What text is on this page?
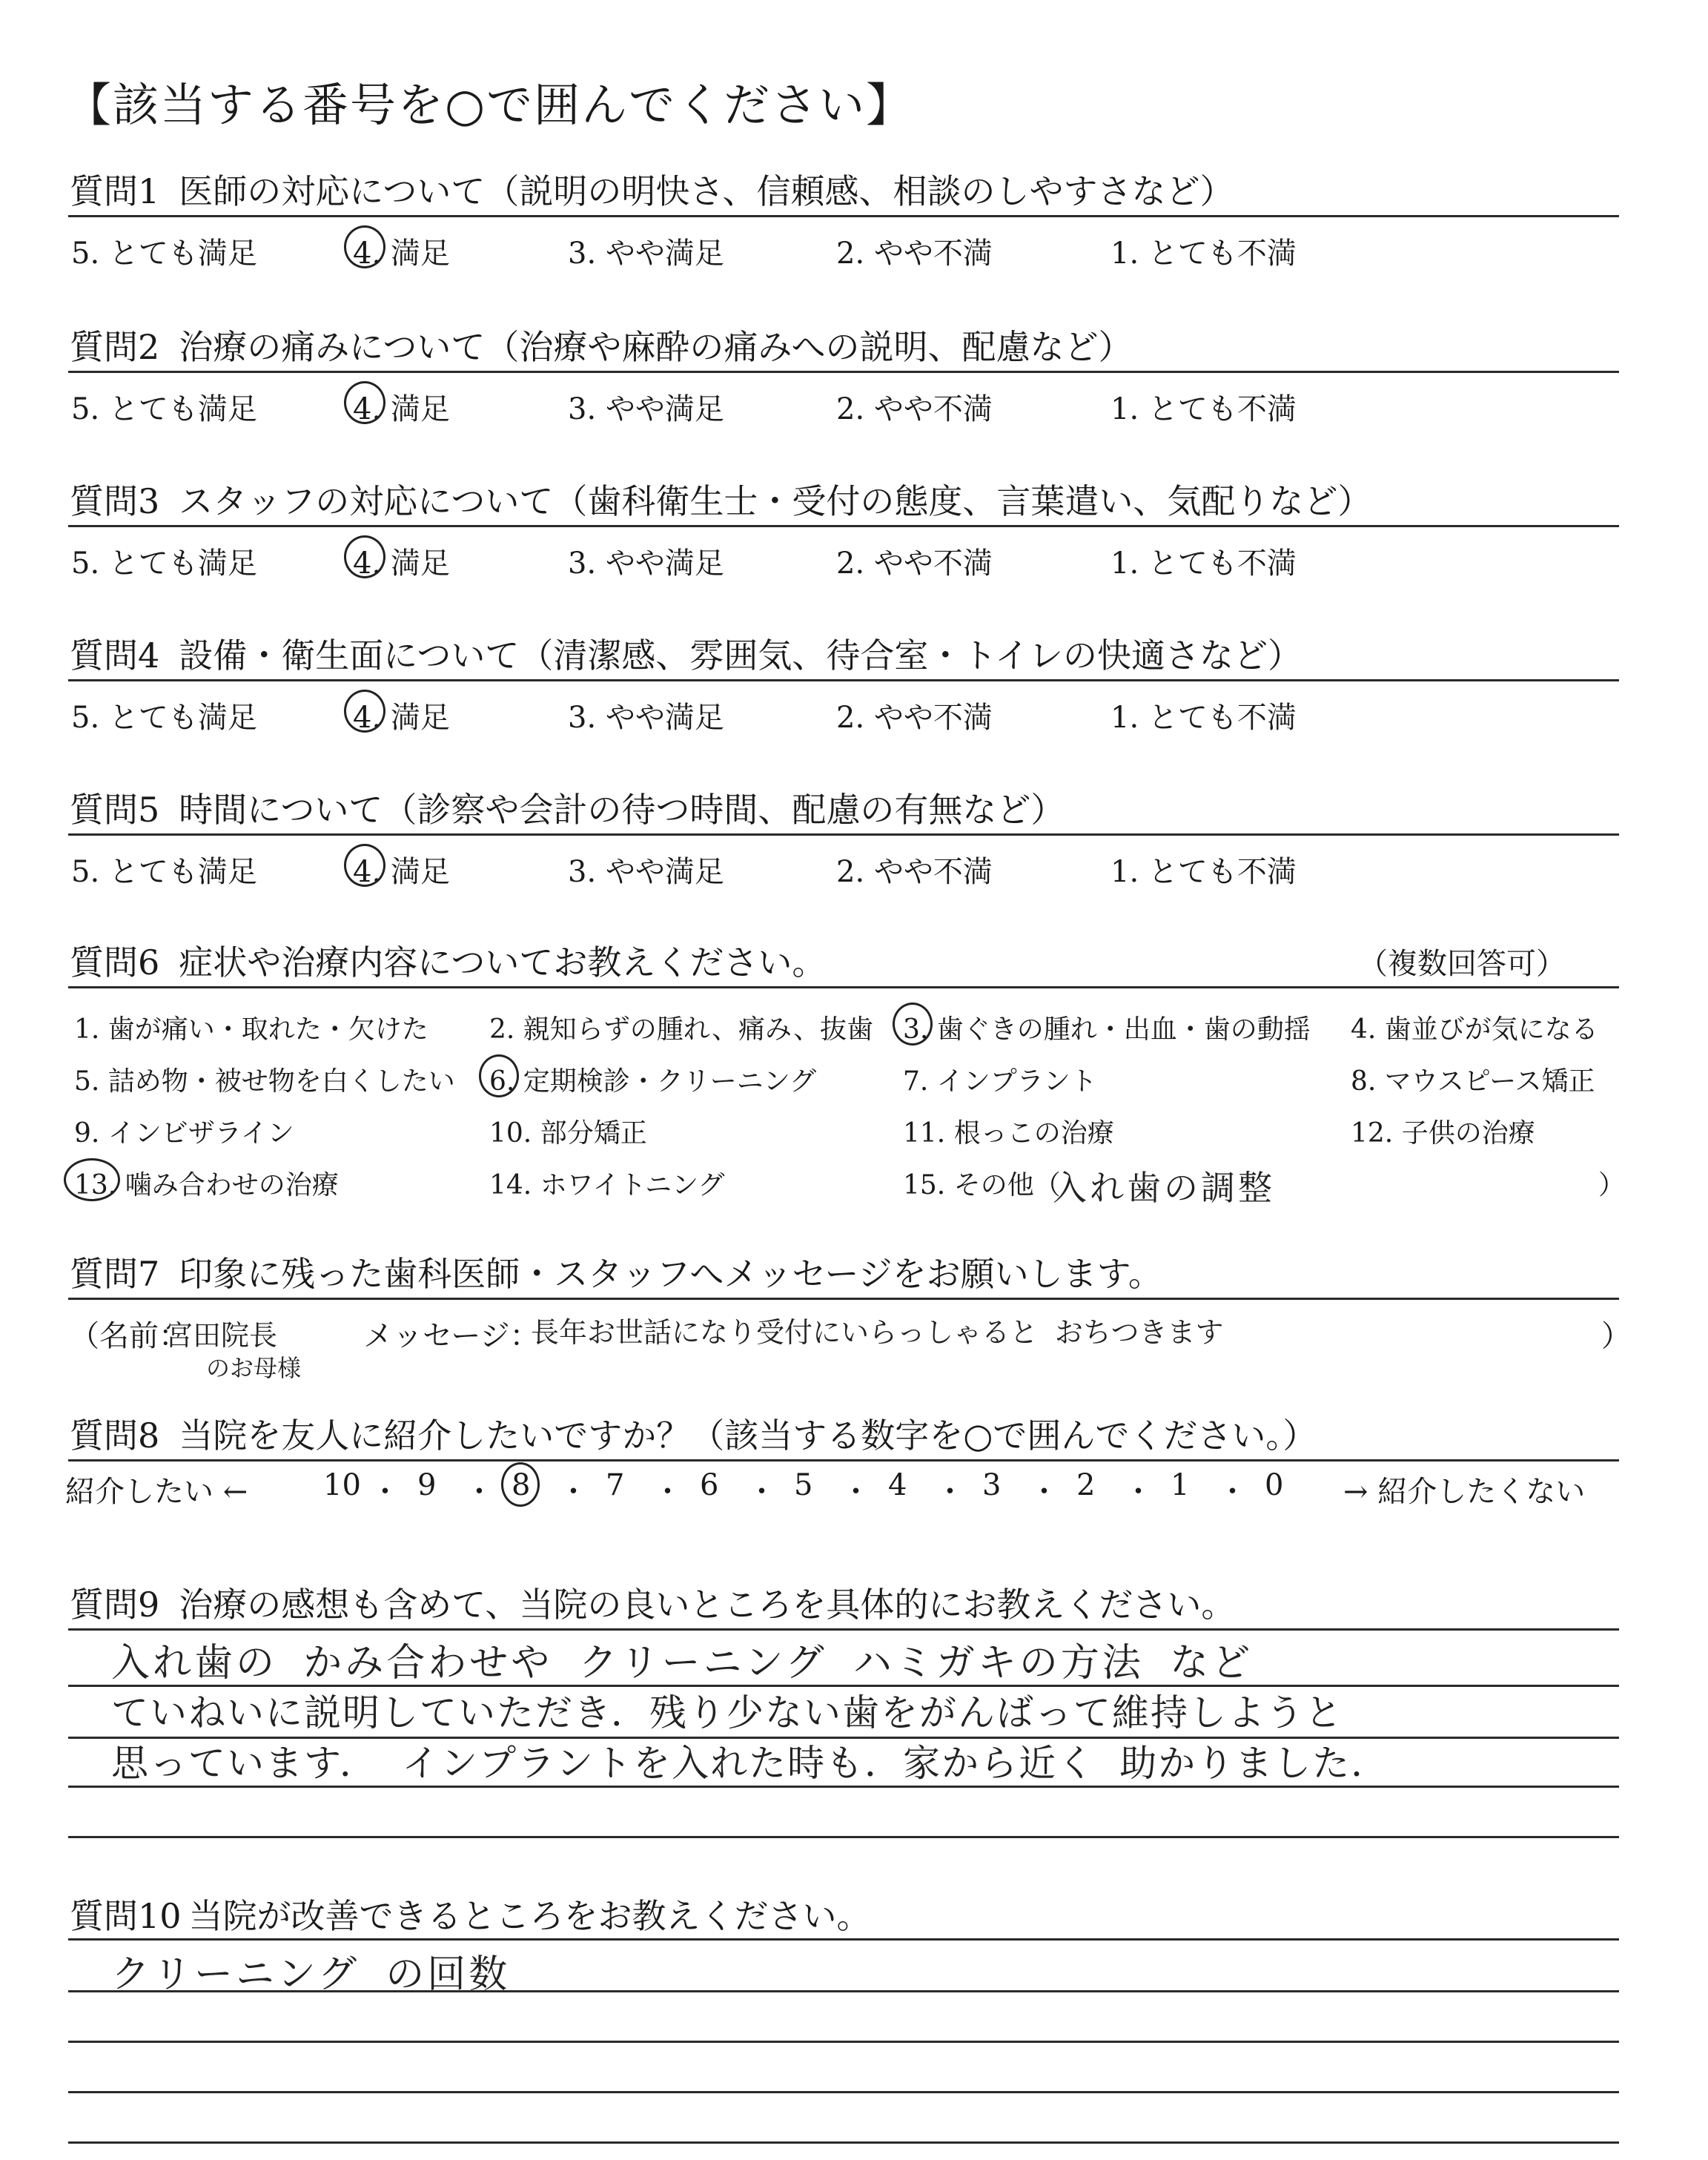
【該当する番号を○で囲んでください】
質問1 医師の対応について（説明の明快さ、信頼感、相談のしやすさなど）
5. とても満足	4. 満足	3. やや満足	2. やや不満	1. とても不満
質問2 治療の痛みについて（治療や麻酔の痛みへの説明、配慮など）
5. とても満足	4. 満足	3. やや満足	2. やや不満	1. とても不満
質問3 スタッフの対応について（歯科衛生士・受付の態度、言葉遣い、気配りなど）
5. とても満足	4. 満足	3. やや満足	2. やや不満	1. とても不満
質問4 設備・衛生面について（清潔感、雰囲気、待合室・トイレの快適さなど）
5. とても満足	4. 満足	3. やや満足	2. やや不満	1. とても不満
質問5 時間について（診察や会計の待つ時間、配慮の有無など）
5. とても満足	4. 満足	3. やや満足	2. やや不満	1. とても不満
質問6 症状や治療内容についてお教えください。	（複数回答可）
1. 歯が痛い・取れた・欠けた 2. 親知らずの腫れ、痛み、抜歯 3. 歯ぐきの腫れ・出血・歯の動揺 4. 歯並びが気になる
5. 詰め物・被せ物を白くしたい 6. 定期検診・クリーニング	7. インプラント	8. マウスピース矯正
9. インビザライン	10. 部分矯正	11. 根っこの治療	12. 子供の治療
13. 噛み合わせの治療	14. ホワイトニング	15. その他（	）
入れ歯の調整
質問7 印象に残った歯科医師・スタッフへメッセージをお願いします。
（名前：
宮田院長
のお母様
メッセージ：
長年お世話になり受付にいらっしゃると おちつきます	）
質問8 当院を友人に紹介したいですか？（該当する数字を○で囲んでください。）
紹介したい ←	10 ・ 9 ・ 8 ・ 7 ・ 6 ・ 5 ・ 4 ・ 3 ・ 2 ・ 1 ・ 0 → 紹介したくない
質問9 治療の感想も含めて、当院の良いところを具体的にお教えください。
入れ歯の かみ合わせや クリーニング ハミガキの方法 など
ていねいに説明していただき．残り少ない歯をがんばって維持しようと
思っています． インプラントを入れた時も．家から近く 助かりました．
質問10 当院が改善できるところをお教えください。
クリーニング の回数
